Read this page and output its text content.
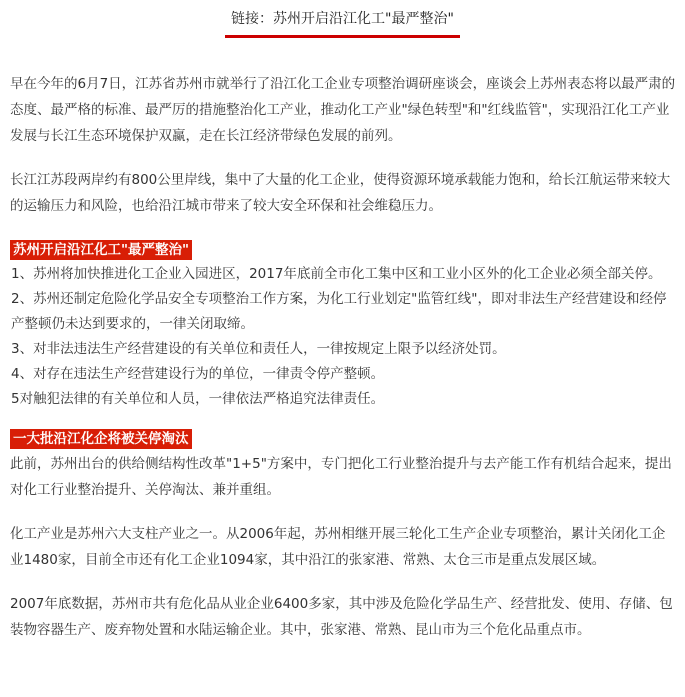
链接：苏州开启沿江化工"最严整治"

早在今年的6月7日，江苏省苏州市就举行了沿江化工企业专项整治调研座谈会，座谈会上苏州表态将以最严肃的态度、最严格的标准、最严厉的措施整治化工产业，推动化工产业"绿色转型"和"红线监管"，实现沿江化工产业发展与长江生态环境保护双赢，走在长江经济带绿色发展的前列。

长江江苏段两岸约有800公里岸线，集中了大量的化工企业，使得资源环境承载能力饱和，给长江航运带来较大的运输压力和风险，也给沿江城市带来了较大安全环保和社会维稳压力。

苏州开启沿江化工"最严整治"

1、苏州将加快推进化工企业入园进区，2017年底前全市化工集中区和工业小区外的化工企业必须全部关停。

2、苏州还制定危险化学品安全专项整治工作方案，为化工行业划定"监管红线"，即对非法生产经营建设和经停产整顿仍未达到要求的，一律关闭取缔。

3、对非法违法生产经营建设的有关单位和责任人，一律按规定上限予以经济处罚。

4、对存在违法生产经营建设行为的单位，一律责令停产整顿。

5对触犯法律的有关单位和人员，一律依法严格追究法律责任。

一大批沿江化企将被关停淘汰

此前，苏州出台的供给侧结构性改革"1+5"方案中，专门把化工行业整治提升与去产能工作有机结合起来，提出对化工行业整治提升、关停淘汰、兼并重组。

化工产业是苏州六大支柱产业之一。从2006年起，苏州相继开展三轮化工生产企业专项整治，累计关闭化工企业1480家，目前全市还有化工企业1094家，其中沿江的张家港、常熟、太仓三市是重点发展区域。

2007年底数据，苏州市共有危化品从业企业6400多家，其中涉及危险化学品生产、经营批发、使用、存储、包装物容器生产、废弃物处置和水陆运输企业。其中，张家港、常熟、昆山市为三个危化品重点市。
